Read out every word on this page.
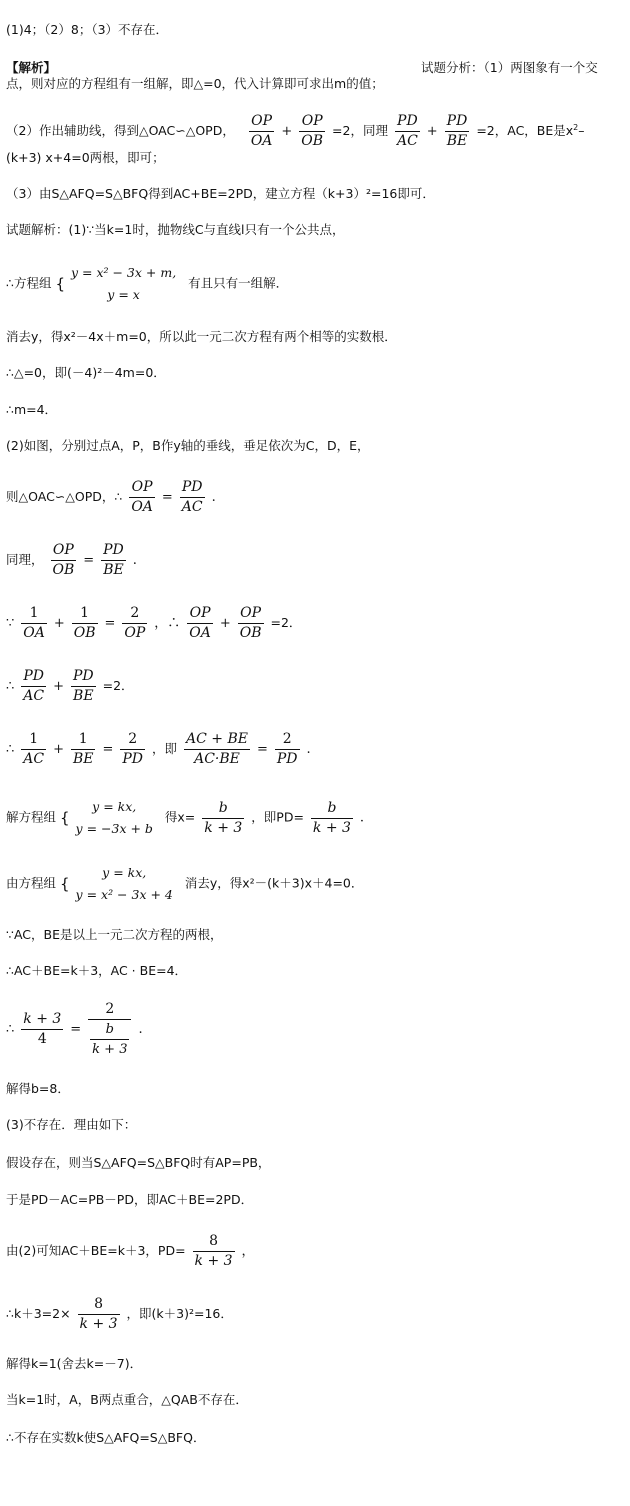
(1)4；（2）8；（3）不存在．
【解析】	试题分析：（1）两图象有一个交
点，则对应的方程组有一组解，即△=0，代入计算即可求出m的值；
（2）作出辅助线，得到△OAC∽△OPD， $\frac{OP}{OA} + \frac{OP}{OB} =2$，同理 $\frac{PD}{AC} + \frac{PD}{BE} =2$，AC，BE是$x^2-$
(k+3) x+4=0两根，即可；
（3）由S△AFQ=S△BFQ得到AC+BE=2PD，建立方程（k+3）²=16即可．
试题解析：(1)∵当k=1时，抛物线C与直线l只有一个公共点，
∴方程组 {
y = x² − 3x + m,
y = x
有且只有一组解．
消去y，得x²－4x＋m=0，所以此一元二次方程有两个相等的实数根．
∴△=0，即(－4)²－4m=0．
∴m=4．
(2)如图，分别过点A，P，B作y轴的垂线，垂足依次为C，D，E，
则△OAC∽△OPD，∴ $\frac{OP}{OA} = \frac{PD}{AC}$ .
同理， $\frac{OP}{OB} = \frac{PD}{BE}$ .
∵ $\frac{1}{OA} + \frac{1}{OB} = \frac{2}{OP}$ ，∴ $\frac{OP}{OA} + \frac{OP}{OB} =2$．
∴ $\frac{PD}{AC} + \frac{PD}{BE} =2$．
∴ $\frac{1}{AC} + \frac{1}{BE} = \frac{2}{PD}$ ，即 $\frac{AC + BE}{AC\cdot BE} = \frac{2}{PD}$ .
解方程组 {
y = kx,
y = −3x + b
得$x= \frac{b}{k + 3}$ ，即$PD= \frac{b}{k + 3}$ .
由方程组 {
y = kx,
y = x² − 3x + 4
消去y，得x²－(k＋3)x＋4=0．
∵AC，BE是以上一元二次方程的两根，
∴AC＋BE=k＋3，AC · BE=4．
∴ $\frac{k + 3}{4} = \frac{2}{\frac{b}{k + 3}}$ .
解得b=8．
(3)不存在．理由如下：
假设存在，则当S△AFQ=S△BFQ时有AP=PB，
于是PD－AC=PB－PD，即AC＋BE=2PD．
由(2)可知AC＋BE=k＋3，$PD= \frac{8}{k + 3}$ ，
∴k＋3=2× $\frac{8}{k + 3}$ ，即(k＋3)²=16．
解得k=1(舍去k=－7)．
当k=1时，A，B两点重合，△QAB不存在．
∴不存在实数k使S△AFQ=S△BFQ．
